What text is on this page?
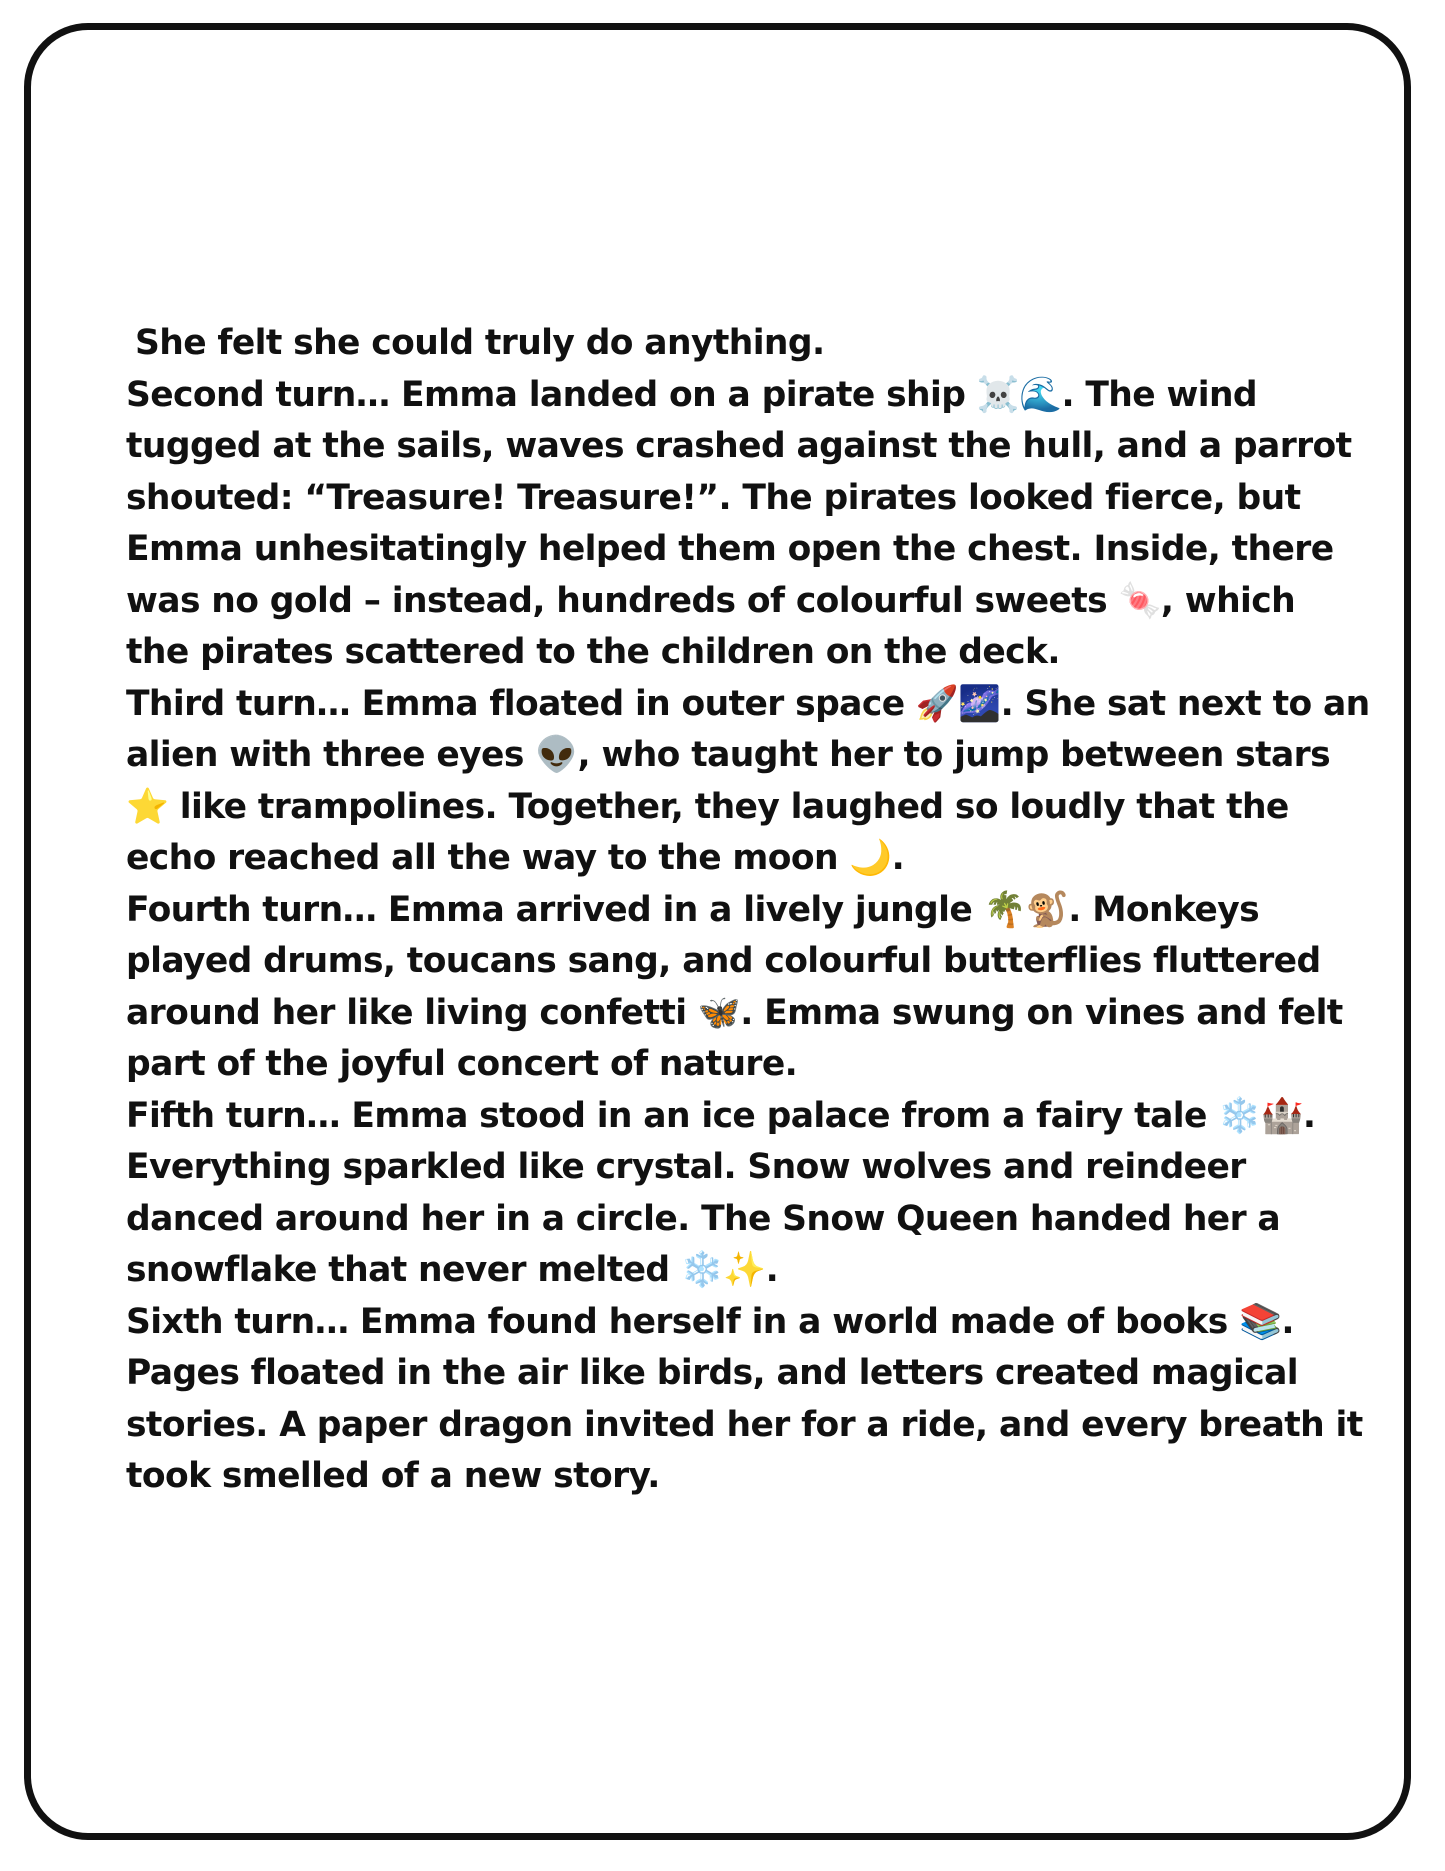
She felt she could truly do anything.
Second turn… Emma landed on a pirate ship ☠️🌊. The wind
tugged at the sails, waves crashed against the hull, and a parrot
shouted: “Treasure! Treasure!”. The pirates looked fierce, but
Emma unhesitatingly helped them open the chest. Inside, there
was no gold – instead, hundreds of colourful sweets 🍬, which
the pirates scattered to the children on the deck.
Third turn… Emma floated in outer space 🚀🌌. She sat next to an
alien with three eyes 👽, who taught her to jump between stars
⭐ like trampolines. Together, they laughed so loudly that the
echo reached all the way to the moon 🌙.
Fourth turn… Emma arrived in a lively jungle 🌴🐒. Monkeys
played drums, toucans sang, and colourful butterflies fluttered
around her like living confetti 🦋. Emma swung on vines and felt
part of the joyful concert of nature.
Fifth turn… Emma stood in an ice palace from a fairy tale ❄️🏰.
Everything sparkled like crystal. Snow wolves and reindeer
danced around her in a circle. The Snow Queen handed her a
snowflake that never melted ❄️✨.
Sixth turn… Emma found herself in a world made of books 📚.
Pages floated in the air like birds, and letters created magical
stories. A paper dragon invited her for a ride, and every breath it
took smelled of a new story.
